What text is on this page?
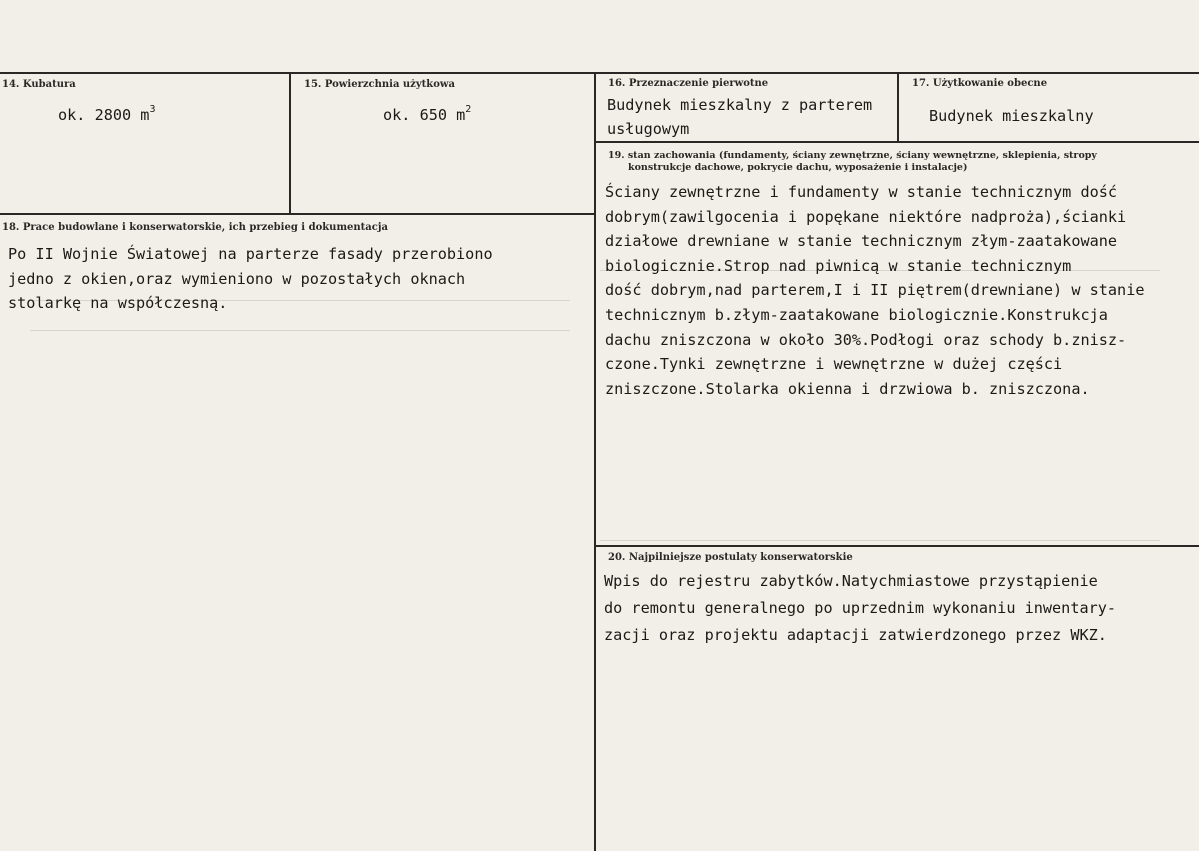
14. Kubatura
ok. 2800 $m^3$
15. Powierzchnia użytkowa
ok. 650 $m^2$
16. Przeznaczenie pierwotne
Budynek mieszkalny z parterem
usługowym
17. Użytkowanie obecne
Budynek mieszkalny
18. Prace budowlane i konserwatorskie, ich przebieg i dokumentacja
Po II Wojnie Światowej na parterze fasady przerobiono
jedno z okien,oraz wymieniono w pozostałych oknach
stolarkę na współczesną.
19. stan zachowania (fundamenty, ściany zewnętrzne, ściany wewnętrzne, sklepienia, stropy
konstrukcje dachowe, pokrycie dachu, wyposażenie i instalacje)
Ściany zewnętrzne i fundamenty w stanie technicznym dość
dobrym(zawilgocenia i popękane niektóre nadproża),ścianki
działowe drewniane w stanie technicznym złym-zaatakowane
biologicznie.Strop nad piwnicą w stanie technicznym
dość dobrym,nad parterem,I i II piętrem(drewniane) w stanie
technicznym b.złym-zaatakowane biologicznie.Konstrukcja
dachu zniszczona w około 30%.Podłogi oraz schody b.znisz-
czone.Tynki zewnętrzne i wewnętrzne w dużej części
zniszczone.Stolarka okienna i drzwiowa b. zniszczona.
20. Najpilniejsze postulaty konserwatorskie
Wpis do rejestru zabytków.Natychmiastowe przystąpienie
do remontu generalnego po uprzednim wykonaniu inwentary-
zacji oraz projektu adaptacji zatwierdzonego przez WKZ.
